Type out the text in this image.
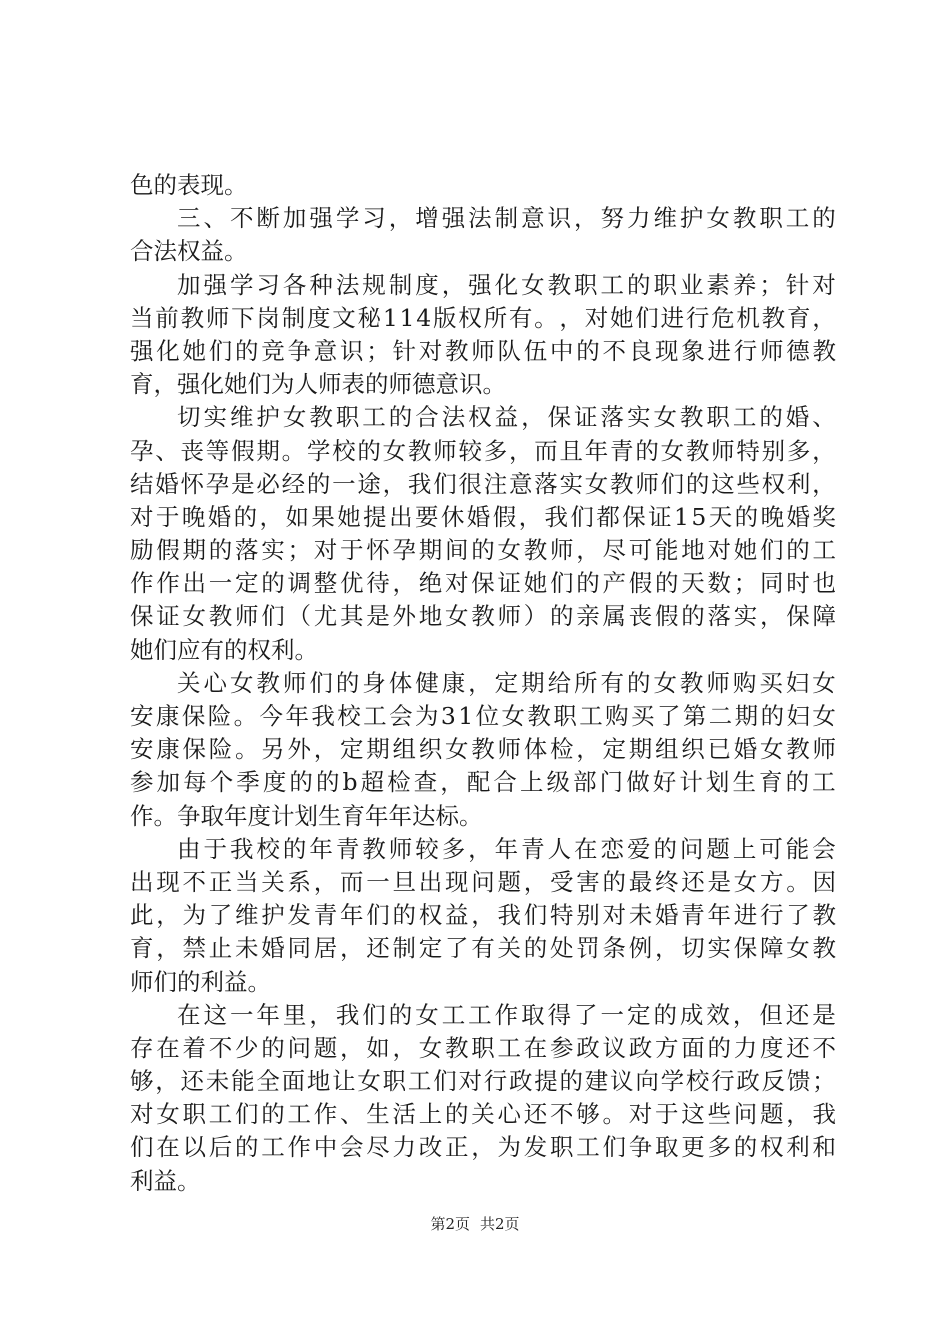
色的表现。
三 、 不 断 加 强 学 习 ， 增 强 法 制 意 识 ， 努 力 维 护 女 教 职 工 的
合法权益。
加 强 学 习 各 种 法 规 制 度 ， 强 化 女 教 职 工 的 职 业 素 养 ； 针 对
当 前 教 师 下 岗 制 度 文 秘 1 1 4 版 权 所 有 。 ， 对 她 们 进 行 危 机 教 育 ，
强 化 她 们 的 竞 争 意 识 ； 针 对 教 师 队 伍 中 的 不 良 现 象 进 行 师 德 教
育，强化她们为人师表的师德意识。
切 实 维 护 女 教 职 工 的 合 法 权 益 ， 保 证 落 实 女 教 职 工 的 婚 、
孕 、 丧 等 假 期 。 学 校 的 女 教 师 较 多 ， 而 且 年 青 的 女 教 师 特 别 多 ，
结 婚 怀 孕 是 必 经 的 一 途 ， 我 们 很 注 意 落 实 女 教 师 们 的 这 些 权 利 ，
对 于 晚 婚 的 ， 如 果 她 提 出 要 休 婚 假 ， 我 们 都 保 证 1 5 天 的 晚 婚 奖
励 假 期 的 落 实 ； 对 于 怀 孕 期 间 的 女 教 师 ， 尽 可 能 地 对 她 们 的 工
作 作 出 一 定 的 调 整 优 待 ， 绝 对 保 证 她 们 的 产 假 的 天 数 ； 同 时 也
保 证 女 教 师 们 （ 尤 其 是 外 地 女 教 师 ） 的 亲 属 丧 假 的 落 实 ， 保 障
她们应有的权利。
关 心 女 教 师 们 的 身 体 健 康 ， 定 期 给 所 有 的 女 教 师 购 买 妇 女
安 康 保 险 。 今 年 我 校 工 会 为 3 1 位 女 教 职 工 购 买 了 第 二 期 的 妇 女
安 康 保 险 。 另 外 ， 定 期 组 织 女 教 师 体 检 ， 定 期 组 织 已 婚 女 教 师
参 加 每 个 季 度 的 的 b 超 检 查 ， 配 合 上 级 部 门 做 好 计 划 生 育 的 工
作。争取年度计划生育年年达标。
由 于 我 校 的 年 青 教 师 较 多 ， 年 青 人 在 恋 爱 的 问 题 上 可 能 会
出 现 不 正 当 关 系 ， 而 一 旦 出 现 问 题 ， 受 害 的 最 终 还 是 女 方 。 因
此 ， 为 了 维 护 发 青 年 们 的 权 益 ， 我 们 特 别 对 未 婚 青 年 进 行 了 教
育 ， 禁 止 未 婚 同 居 ， 还 制 定 了 有 关 的 处 罚 条 例 ， 切 实 保 障 女 教
师们的利益。
在 这 一 年 里 ， 我 们 的 女 工 工 作 取 得 了 一 定 的 成 效 ， 但 还 是
存 在 着 不 少 的 问 题 ， 如 ， 女 教 职 工 在 参 政 议 政 方 面 的 力 度 还 不
够 ， 还 未 能 全 面 地 让 女 职 工 们 对 行 政 提 的 建 议 向 学 校 行 政 反 馈 ；
对 女 职 工 们 的 工 作 、 生 活 上 的 关 心 还 不 够 。 对 于 这 些 问 题 ， 我
们 在 以 后 的 工 作 中 会 尽 力 改 正 ， 为 发 职 工 们 争 取 更 多 的 权 利 和
利益。
第2页 共2页
